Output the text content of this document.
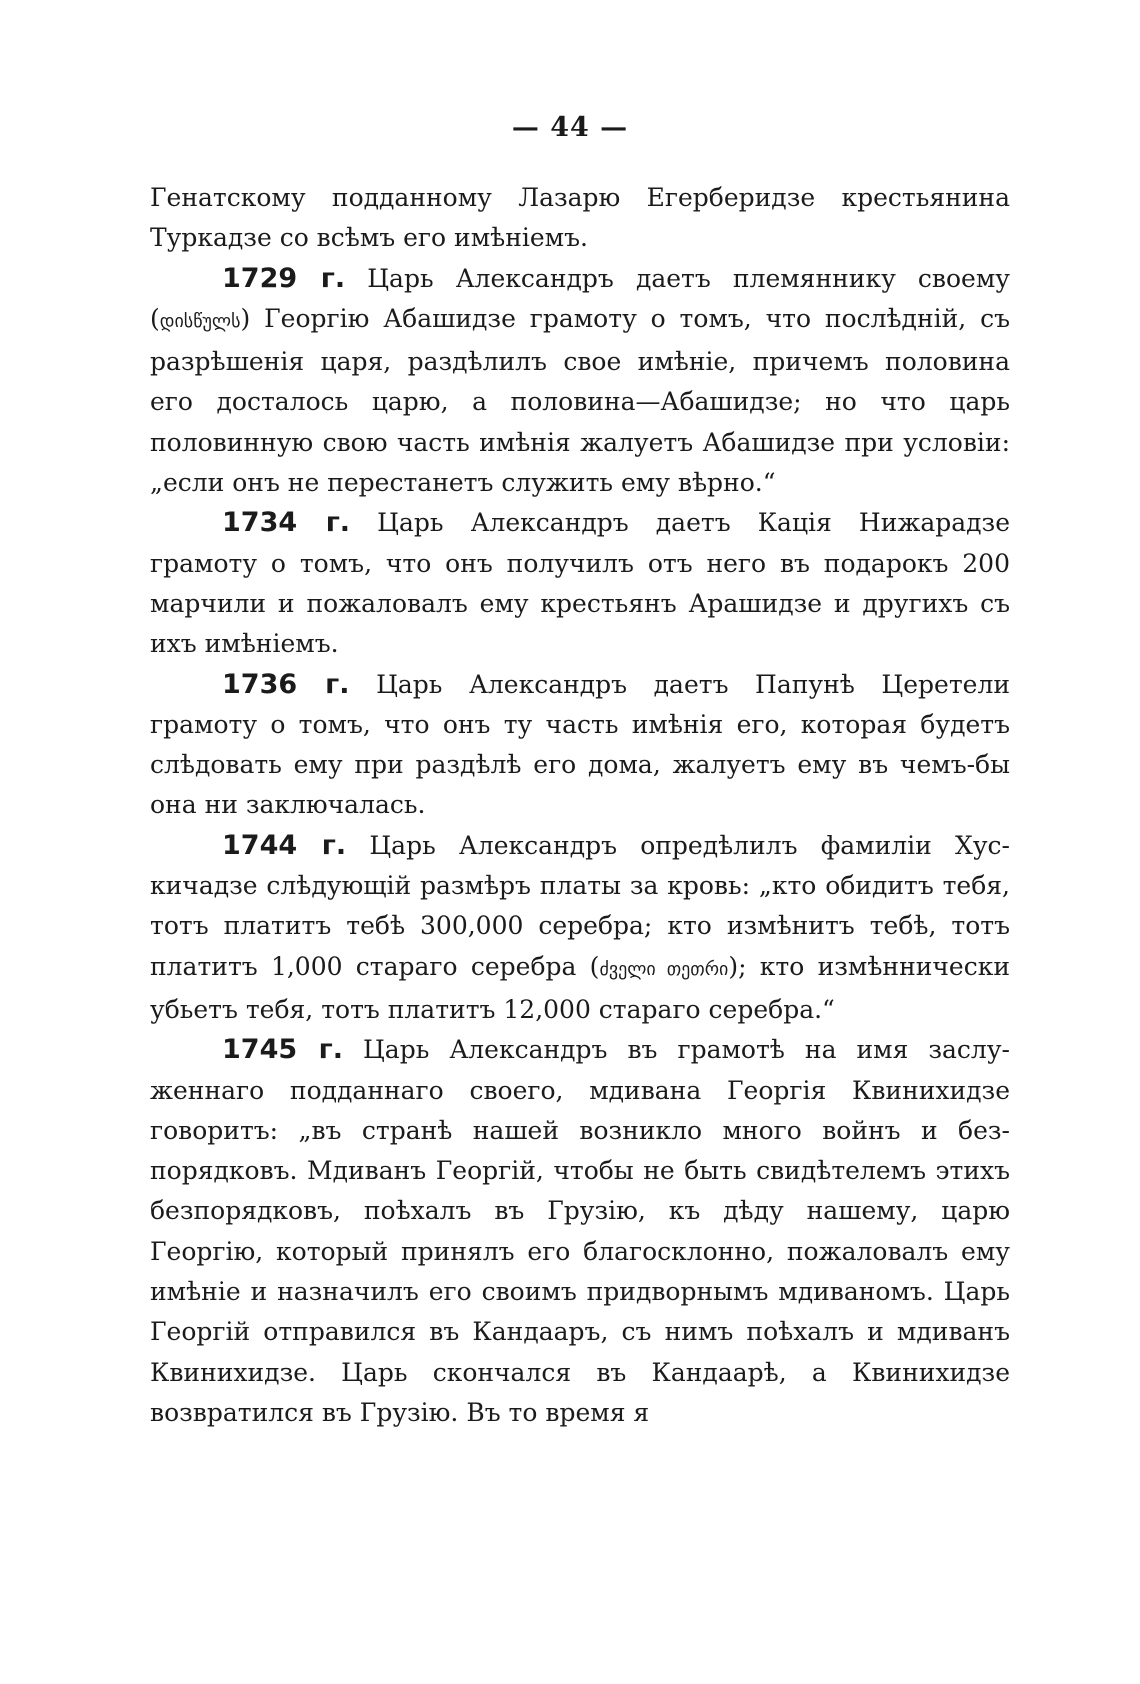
— 44 —

Генатскому подданному Лазарю Егерберидзе крестьянина Туркадзе со всѣмъ его имѣніемъ.

1729 г. Царь Александръ даетъ племяннику своему (დისწულს) Георгію Абашидзе грамоту о томъ, что послѣдній, съ разрѣшенія царя, раздѣлилъ свое имѣніе, причемъ половина его досталось царю, а половина—Абашидзе; но что царь половинную свою часть имѣнія жалуетъ Абашидзе при условіи: „если онъ не перестанетъ служить ему вѣрно.“

1734 г. Царь Александръ даетъ Кація Нижарадзе грамоту о томъ, что онъ получилъ отъ него въ подарокъ 200 марчили и пожаловалъ ему крестьянъ Арашидзе и другихъ съ ихъ имѣніемъ.

1736 г. Царь Александръ даетъ Папунѣ Церетели грамоту о томъ, что онъ ту часть имѣнія его, которая будетъ слѣдовать ему при раздѣлѣ его дома, жалуетъ ему въ чемъ-бы она ни заключалась.

1744 г. Царь Александръ опредѣлилъ фамиліи Хускичадзе слѣдующій размѣръ платы за кровь: „кто обидитъ тебя, тотъ платитъ тебѣ 300,000 серебра; кто измѣнитъ тебѣ, тотъ платитъ 1,000 стараго серебра (ძველი თეთრი); кто измѣннически убьетъ тебя, тотъ платитъ 12,000 стараго серебра.“

1745 г. Царь Александръ въ грамотѣ на имя заслуженнаго подданнаго своего, мдивана Георгія Квинихидзе говоритъ: „въ странѣ нашей возникло много войнъ и безпорядковъ. Мдиванъ Георгій, чтобы не быть свидѣтелемъ этихъ безпорядковъ, поѣхалъ въ Грузію, къ дѣду нашему, царю Георгію, который принялъ его благосклонно, пожаловалъ ему имѣніе и назначилъ его своимъ придворнымъ мдиваномъ. Царь Георгій отправился въ Кандааръ, съ нимъ поѣхалъ и мдиванъ Квинихидзе. Царь скончался въ Кандаарѣ, а Квинихидзе возвратился въ Грузію. Въ то время я
